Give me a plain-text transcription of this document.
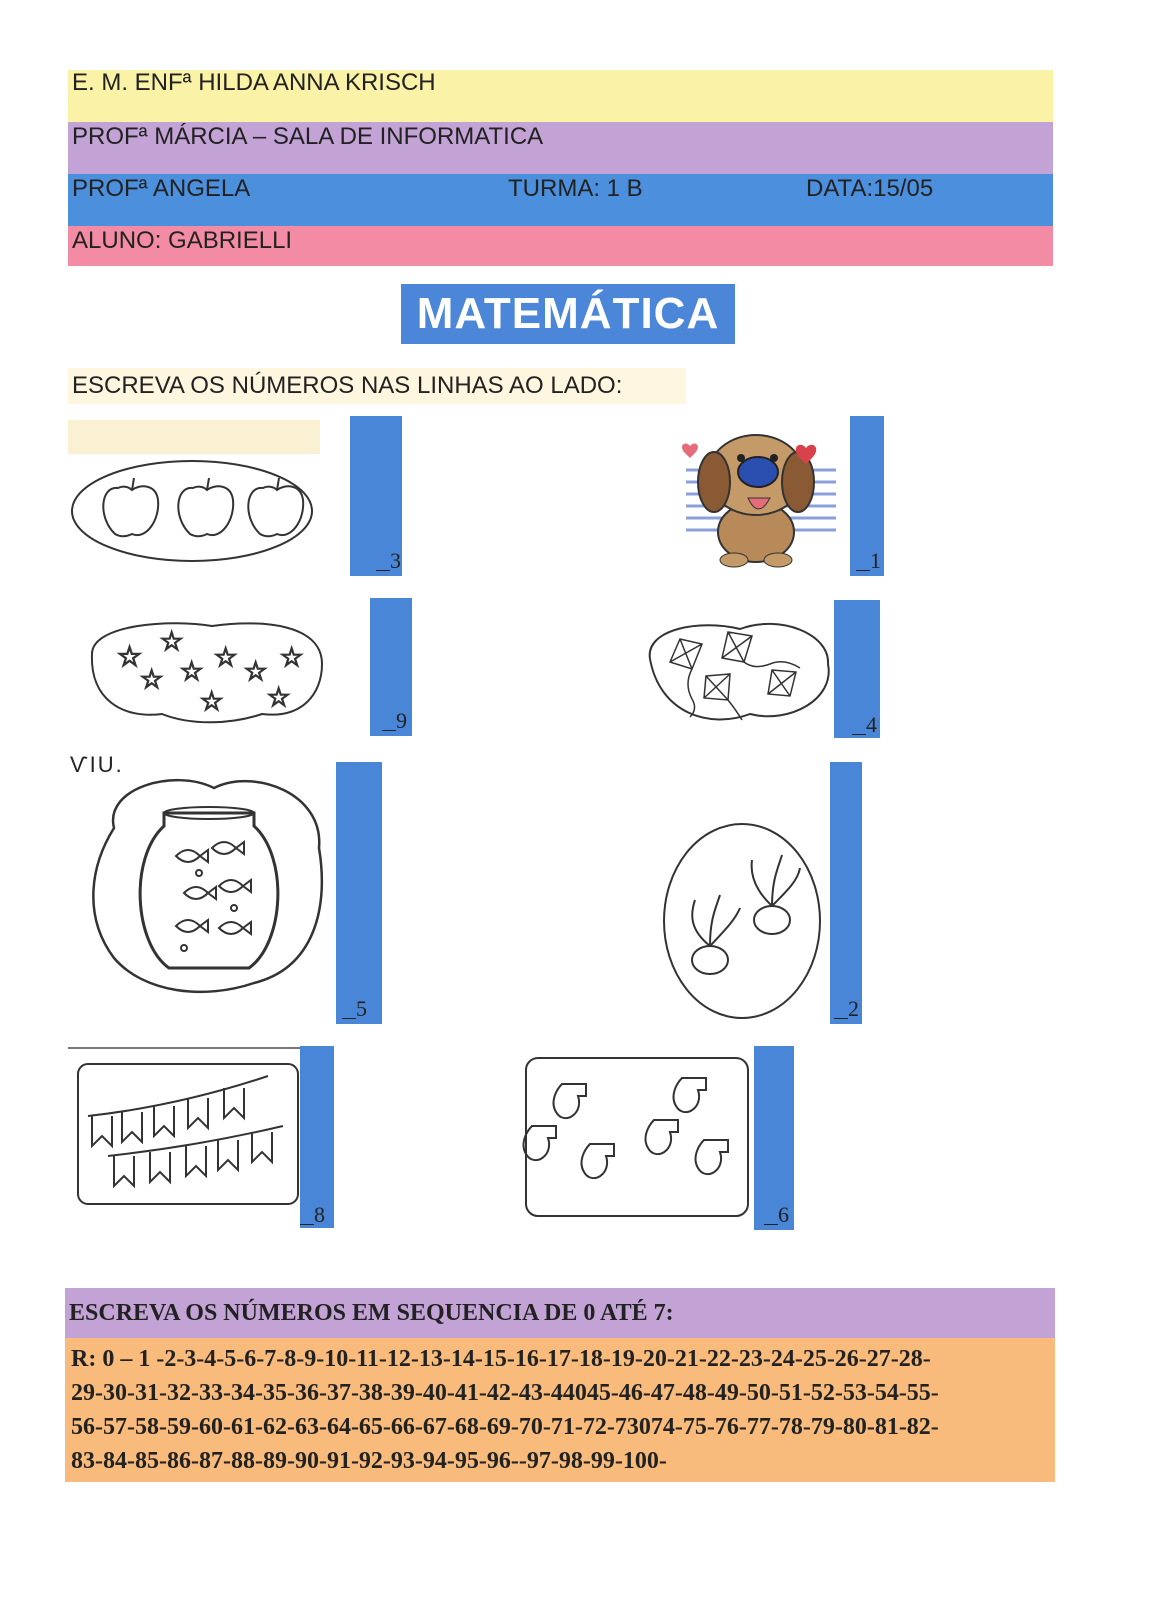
E. M. ENFª HILDA ANNA KRISCH
PROFª MÁRCIA – SALA DE INFORMATICA
PROFª ANGELA	TURMA: 1 B	DATA:15/05
ALUNO: GABRIELLI
MATEMÁTICA
ESCREVA OS NÚMEROS NAS LINHAS AO LADO:
3	1
☆ ☆
☆ ☆ ☆
☆
☆ ☆
☆
9	4
ѴIU.
5	2
8	6
ESCREVA OS NÚMEROS EM SEQUENCIA DE 0 ATÉ 7:
R: 0 – 1 -2-3-4-5-6-7-8-9-10-11-12-13-14-15-16-17-18-19-20-21-22-23-24-25-26-27-28-
29-30-31-32-33-34-35-36-37-38-39-40-41-42-43-44045-46-47-48-49-50-51-52-53-54-55-
56-57-58-59-60-61-62-63-64-65-66-67-68-69-70-71-72-73074-75-76-77-78-79-80-81-82-
83-84-85-86-87-88-89-90-91-92-93-94-95-96--97-98-99-100-
